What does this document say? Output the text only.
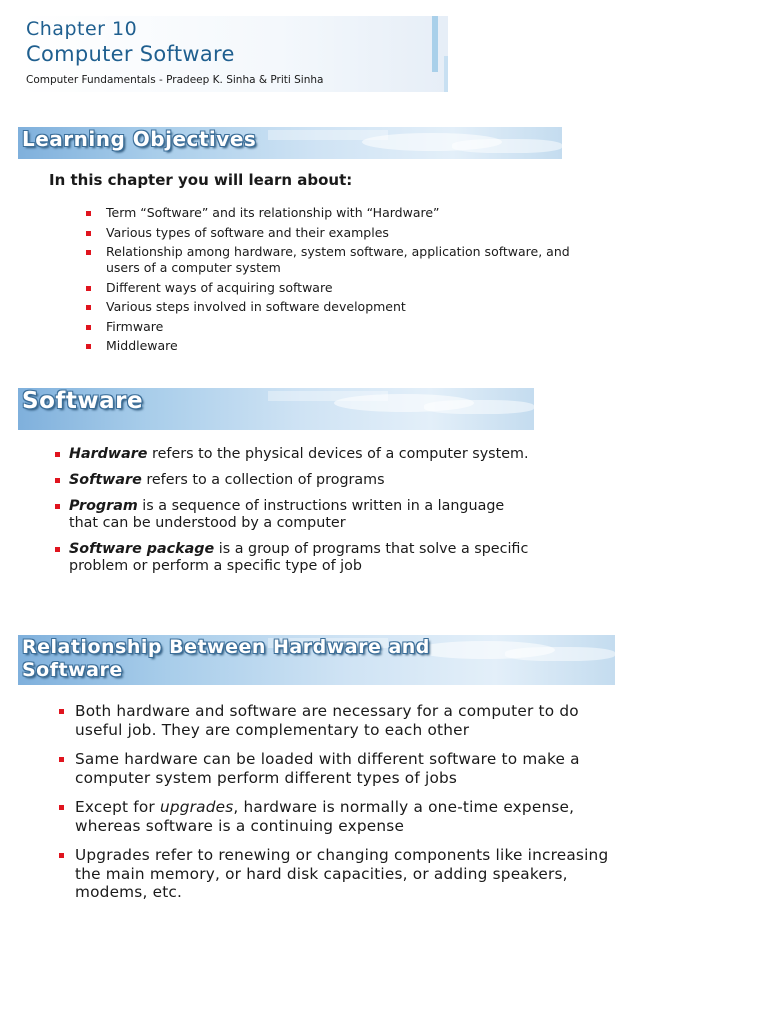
Chapter 10
Computer Software
Computer Fundamentals - Pradeep K. Sinha & Priti Sinha
Learning Objectives
In this chapter you will learn about:
Term “Software” and its relationship with “Hardware”
Various types of software and their examples
Relationship among hardware, system software, application software, and users of a computer system
Different ways of acquiring software
Various steps involved in software development
Firmware
Middleware
Software
Hardware refers to the physical devices of a computer system.
Software refers to a collection of programs
Program is a sequence of instructions written in a language that can be understood by a computer
Software package is a group of programs that solve a specific problem or perform a specific type of job
Relationship Between Hardware and
Software
Both hardware and software are necessary for a computer to do useful job. They are complementary to each other
Same hardware can be loaded with different software to make a computer system perform different types of jobs
Except for upgrades, hardware is normally a one-time expense, whereas software is a continuing expense
Upgrades refer to renewing or changing components like increasing the main memory, or hard disk capacities, or adding speakers, modems, etc.
